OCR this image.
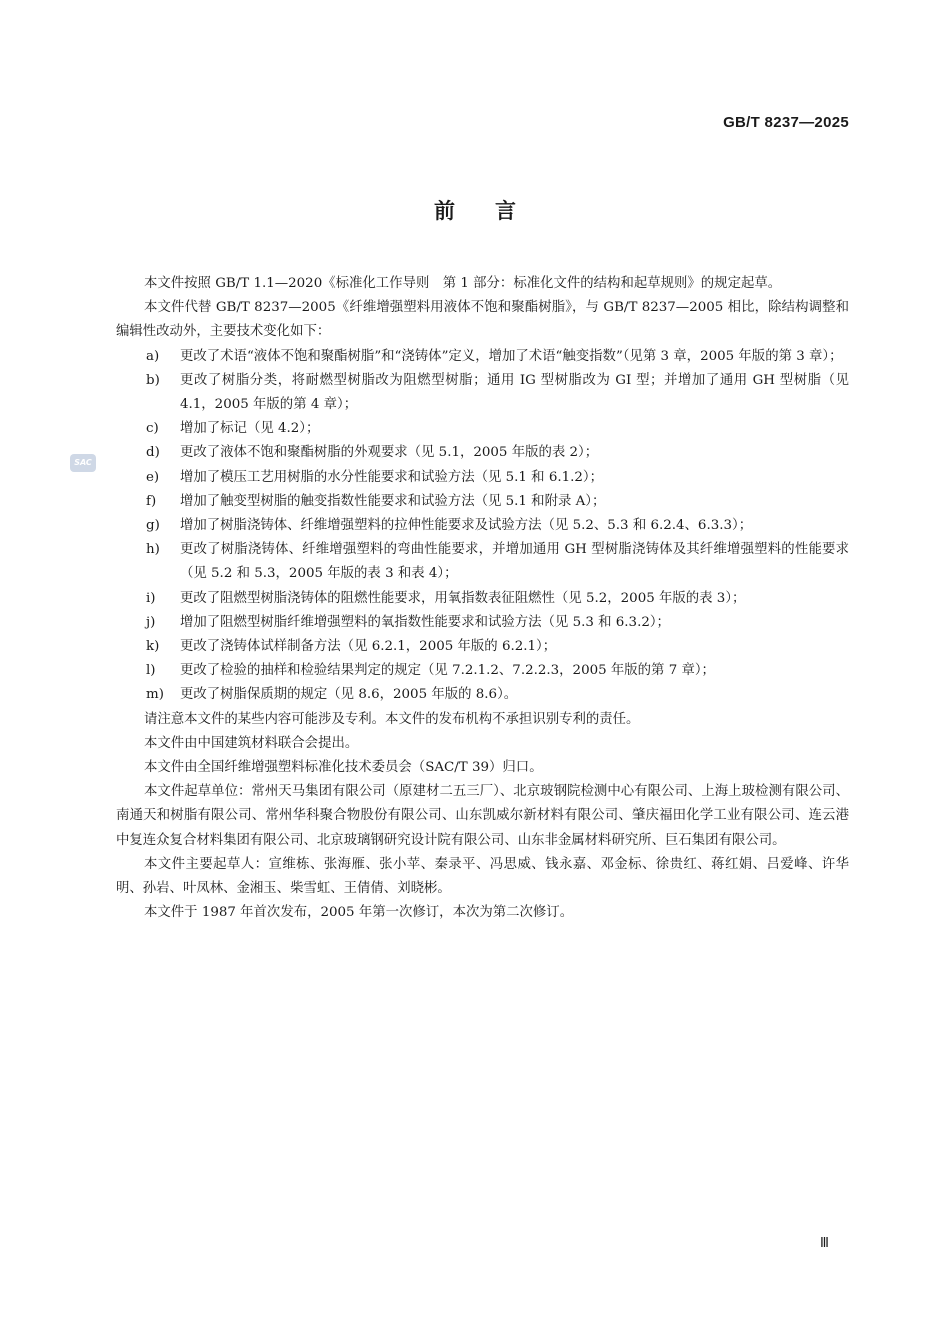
GB/T 8237—2025
前言
SAC

本文件按照 GB/T 1.1—2020《标准化工作导则　第 1 部分：标准化文件的结构和起草规则》的规定起草。

本文件代替 GB/T 8237—2005《纤维增强塑料用液体不饱和聚酯树脂》，与 GB/T 8237—2005 相比，除结构调整和编辑性改动外，主要技术变化如下：

a) 更改了术语“液体不饱和聚酯树脂”和“浇铸体”定义，增加了术语“触变指数”（见第 3 章，2005 年版的第 3 章）；
b) 更改了树脂分类，将耐燃型树脂改为阻燃型树脂；通用 IG 型树脂改为 GI 型；并增加了通用 GH 型树脂（见 4.1，2005 年版的第 4 章）；
c) 增加了标记（见 4.2）；
d) 更改了液体不饱和聚酯树脂的外观要求（见 5.1，2005 年版的表 2）；
e) 增加了模压工艺用树脂的水分性能要求和试验方法（见 5.1 和 6.1.2）；
f) 增加了触变型树脂的触变指数性能要求和试验方法（见 5.1 和附录 A）；
g) 增加了树脂浇铸体、纤维增强塑料的拉伸性能要求及试验方法（见 5.2、5.3 和 6.2.4、6.3.3）；
h) 更改了树脂浇铸体、纤维增强塑料的弯曲性能要求，并增加通用 GH 型树脂浇铸体及其纤维增强塑料的性能要求（见 5.2 和 5.3，2005 年版的表 3 和表 4）；
i) 更改了阻燃型树脂浇铸体的阻燃性能要求，用氧指数表征阻燃性（见 5.2，2005 年版的表 3）；
j) 增加了阻燃型树脂纤维增强塑料的氧指数性能要求和试验方法（见 5.3 和 6.3.2）；
k) 更改了浇铸体试样制备方法（见 6.2.1，2005 年版的 6.2.1）；
l) 更改了检验的抽样和检验结果判定的规定（见 7.2.1.2、7.2.2.3，2005 年版的第 7 章）；
m) 更改了树脂保质期的规定（见 8.6，2005 年版的 8.6）。

请注意本文件的某些内容可能涉及专利。本文件的发布机构不承担识别专利的责任。

本文件由中国建筑材料联合会提出。

本文件由全国纤维增强塑料标准化技术委员会（SAC/T 39）归口。

本文件起草单位：常州天马集团有限公司（原建材二五三厂）、北京玻钢院检测中心有限公司、上海上玻检测有限公司、南通天和树脂有限公司、常州华科聚合物股份有限公司、山东凯威尔新材料有限公司、肇庆福田化学工业有限公司、连云港中复连众复合材料集团有限公司、北京玻璃钢研究设计院有限公司、山东非金属材料研究所、巨石集团有限公司。

本文件主要起草人：宣维栋、张海雁、张小苹、秦录平、冯思威、钱永嘉、邓金标、徐贵红、蒋红娟、吕爱峰、许华明、孙岩、叶凤林、金湘玉、柴雪虹、王倩倩、刘晓彬。

本文件于 1987 年首次发布，2005 年第一次修订，本次为第二次修订。

Ⅲ
